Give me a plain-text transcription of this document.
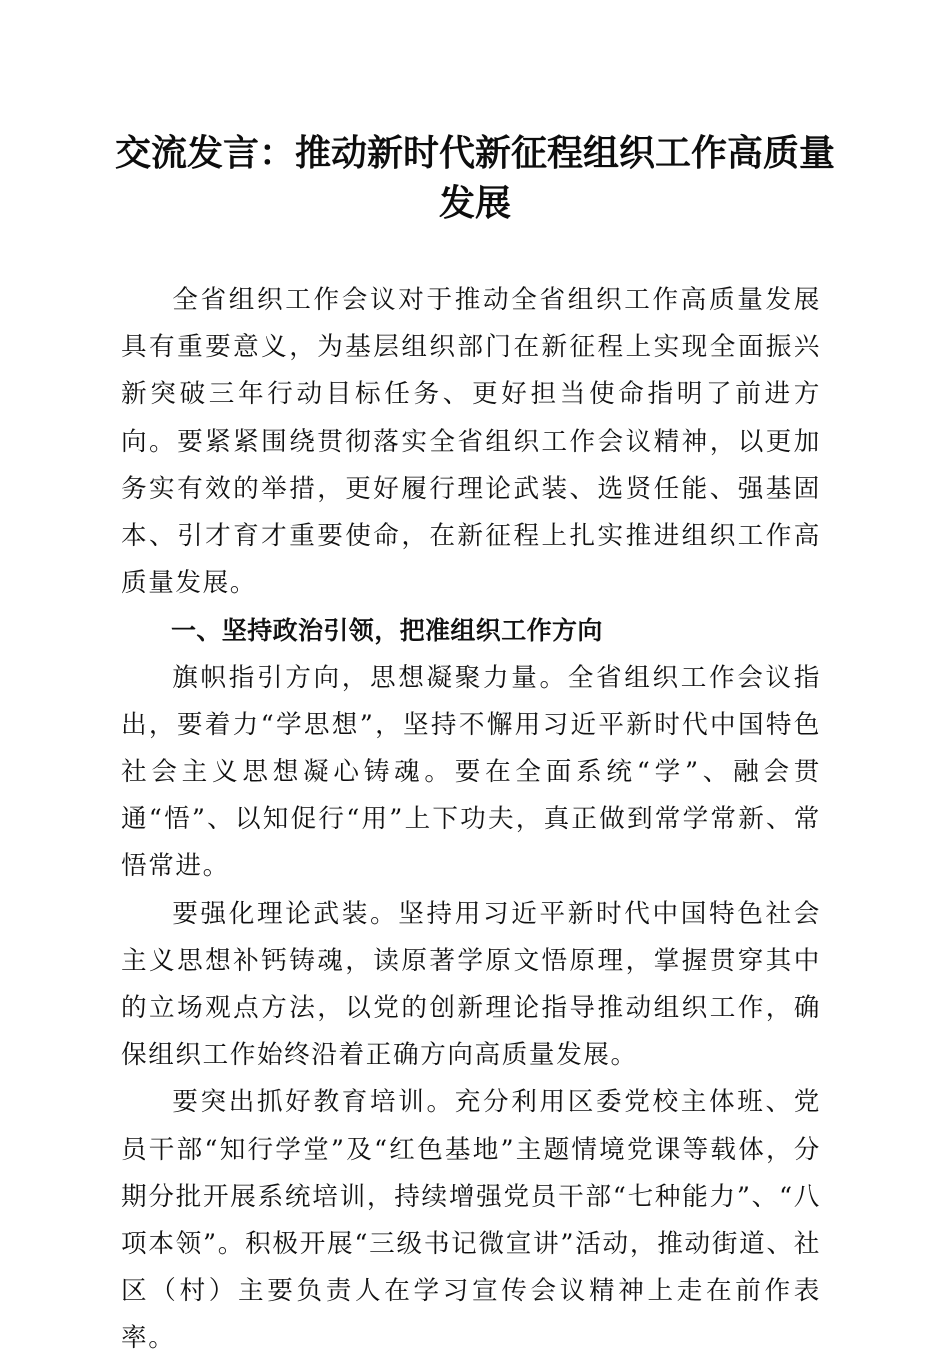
交流发言：推动新时代新征程组织工作高质量发展

全省组织工作会议对于推动全省组织工作高质量发展具有重要意义，为基层组织部门在新征程上实现全面振兴新突破三年行动目标任务、更好担当使命指明了前进方向。要紧紧围绕贯彻落实全省组织工作会议精神，以更加务实有效的举措，更好履行理论武装、选贤任能、强基固本、引才育才重要使命，在新征程上扎实推进组织工作高质量发展。

一、坚持政治引领，把准组织工作方向

旗帜指引方向，思想凝聚力量。全省组织工作会议指出，要着力“学思想”，坚持不懈用习近平新时代中国特色社会主义思想凝心铸魂。要在全面系统“学”、融会贯通“悟”、以知促行“用”上下功夫，真正做到常学常新、常悟常进。

要强化理论武装。坚持用习近平新时代中国特色社会主义思想补钙铸魂，读原著学原文悟原理，掌握贯穿其中的立场观点方法，以党的创新理论指导推动组织工作，确保组织工作始终沿着正确方向高质量发展。

要突出抓好教育培训。充分利用区委党校主体班、党员干部“知行学堂”及“红色基地”主题情境党课等载体，分期分批开展系统培训，持续增强党员干部“七种能力”、“八项本领”。积极开展“三级书记微宣讲”活动，推动街道、社区（村）主要负责人在学习宣传会议精神上走在前作表率。
